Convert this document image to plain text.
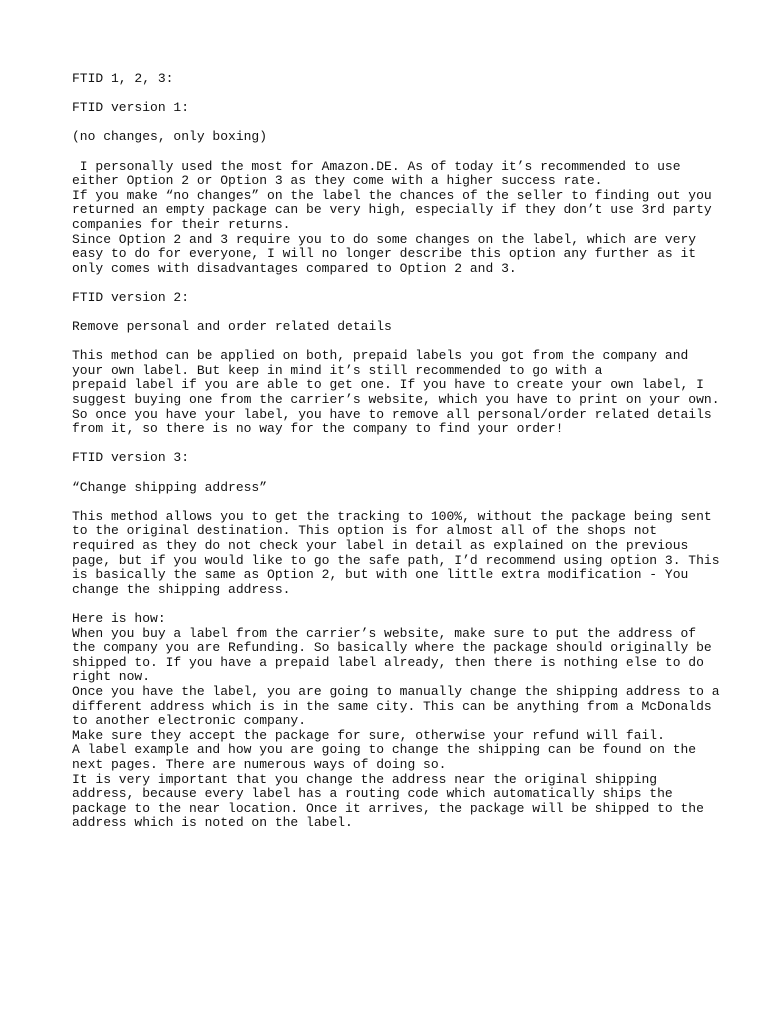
FTID 1, 2, 3:
FTID version 1:
(no changes, only boxing)
I personally used the most for Amazon.DE. As of today it’s recommended to use
either Option 2 or Option 3 as they come with a higher success rate.
If you make “no changes” on the label the chances of the seller to finding out you
returned an empty package can be very high, especially if they don’t use 3rd party
companies for their returns.
Since Option 2 and 3 require you to do some changes on the label, which are very
easy to do for everyone, I will no longer describe this option any further as it
only comes with disadvantages compared to Option 2 and 3.
FTID version 2:
Remove personal and order related details
This method can be applied on both, prepaid labels you got from the company and
your own label. But keep in mind it’s still recommended to go with a
prepaid label if you are able to get one. If you have to create your own label, I
suggest buying one from the carrier’s website, which you have to print on your own.
So once you have your label, you have to remove all personal/order related details
from it, so there is no way for the company to find your order!
FTID version 3:
“Change shipping address”
This method allows you to get the tracking to 100%, without the package being sent
to the original destination. This option is for almost all of the shops not
required as they do not check your label in detail as explained on the previous
page, but if you would like to go the safe path, I’d recommend using option 3. This
is basically the same as Option 2, but with one little extra modification - You
change the shipping address.
Here is how:
When you buy a label from the carrier’s website, make sure to put the address of
the company you are Refunding. So basically where the package should originally be
shipped to. If you have a prepaid label already, then there is nothing else to do
right now.
Once you have the label, you are going to manually change the shipping address to a
different address which is in the same city. This can be anything from a McDonalds
to another electronic company.
Make sure they accept the package for sure, otherwise your refund will fail.
A label example and how you are going to change the shipping can be found on the
next pages. There are numerous ways of doing so.
It is very important that you change the address near the original shipping
address, because every label has a routing code which automatically ships the
package to the near location. Once it arrives, the package will be shipped to the
address which is noted on the label.
